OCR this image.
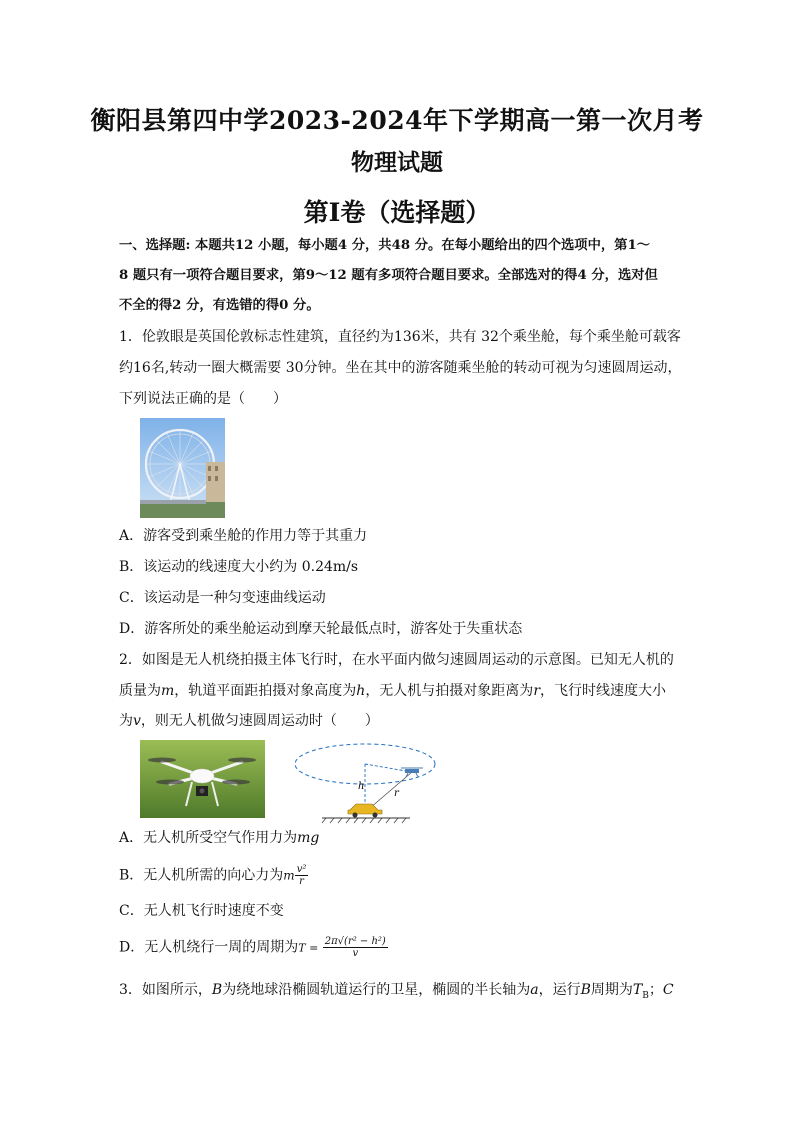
衡阳县第四中学2023-2024年下学期高一第一次月考
物理试题
第Ⅰ卷（选择题）
一、选择题: 本题共12 小题，每小题4 分，共48 分。在每小题给出的四个选项中，第1～
8 题只有一项符合题目要求，第9～12 题有多项符合题目要求。全部选对的得4 分，选对但
不全的得2 分，有选错的得0 分。
1．伦敦眼是英国伦敦标志性建筑，直径约为136米，共有 32个乘坐舱，每个乘坐舱可载客
约16名,转动一圈大概需要 30分钟。坐在其中的游客随乘坐舱的转动可视为匀速圆周运动，
下列说法正确的是（　　）
A．游客受到乘坐舱的作用力等于其重力
B．该运动的线速度大小约为 0.24m/s
C．该运动是一种匀变速曲线运动
D．游客所处的乘坐舱运动到摩天轮最低点时，游客处于失重状态
2．如图是无人机绕拍摄主体飞行时，在水平面内做匀速圆周运动的示意图。已知无人机的
质量为m，轨道平面距拍摄对象高度为h，无人机与拍摄对象距离为r，飞行时线速度大小
为v，则无人机做匀速圆周运动时（　　）
h
r
A．无人机所受空气作用力为mg
B．无人机所需的向心力为m $\frac{\text{v²}}{r}$
C．无人机飞行时速度不变
D．无人机绕行一周的周期为$T = \frac{\text{2π√(r² − h²)}}{v}$
3．如图所示，B为绕地球沿椭圆轨道运行的卫星，椭圆的半长轴为a，运行B周期为$T_B$；C
